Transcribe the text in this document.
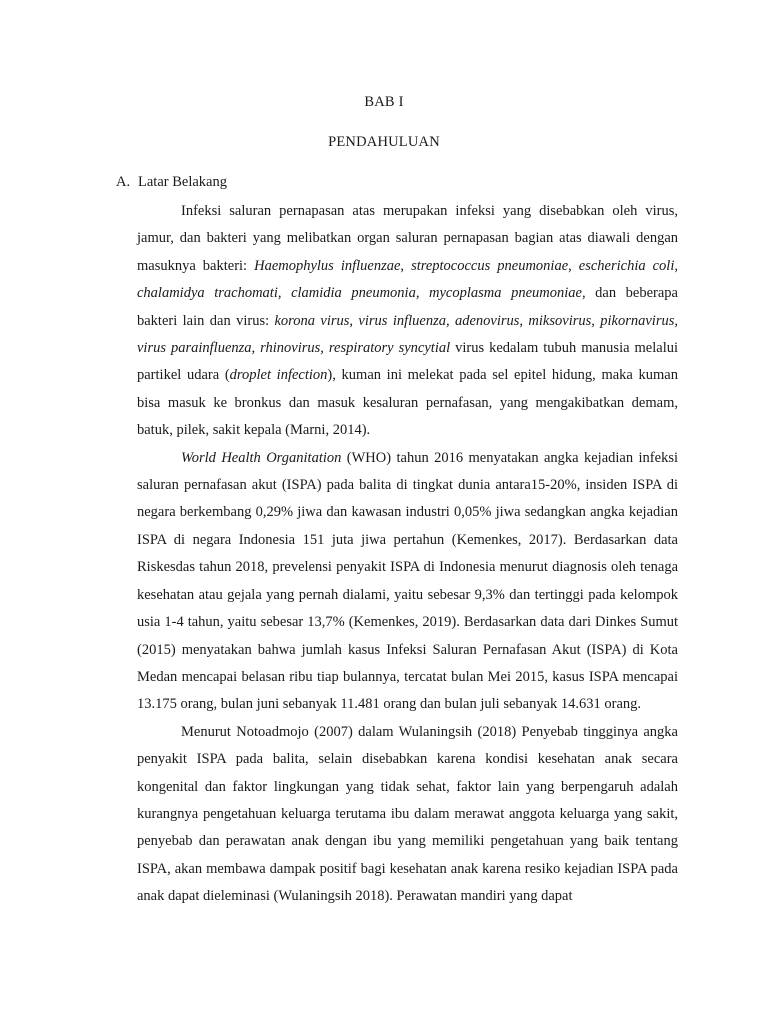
BAB I
PENDAHULUAN
A. Latar Belakang

Infeksi saluran pernapasan atas merupakan infeksi yang disebabkan oleh virus, jamur, dan bakteri yang melibatkan organ saluran pernapasan bagian atas diawali dengan masuknya bakteri: Haemophylus influenzae, streptococcus pneumoniae, escherichia coli, chalamidya trachomati, clamidia pneumonia, mycoplasma pneumoniae, dan beberapa bakteri lain dan virus: korona virus, virus influenza, adenovirus, miksovirus, pikornavirus, virus parainfluenza, rhinovirus, respiratory syncytial virus kedalam tubuh manusia melalui partikel udara (droplet infection), kuman ini melekat pada sel epitel hidung, maka kuman bisa masuk ke bronkus dan masuk kesaluran pernafasan, yang mengakibatkan demam, batuk, pilek, sakit kepala (Marni, 2014).

World Health Organitation (WHO) tahun 2016 menyatakan angka kejadian infeksi saluran pernafasan akut (ISPA) pada balita di tingkat dunia antara15-20%, insiden ISPA di negara berkembang 0,29% jiwa dan kawasan industri 0,05% jiwa sedangkan angka kejadian ISPA di negara Indonesia 151 juta jiwa pertahun (Kemenkes, 2017). Berdasarkan data Riskesdas tahun 2018, prevelensi penyakit ISPA di Indonesia menurut diagnosis oleh tenaga kesehatan atau gejala yang pernah dialami, yaitu sebesar 9,3% dan tertinggi pada kelompok usia 1-4 tahun, yaitu sebesar 13,7% (Kemenkes, 2019). Berdasarkan data dari Dinkes Sumut (2015) menyatakan bahwa jumlah kasus Infeksi Saluran Pernafasan Akut (ISPA) di Kota Medan mencapai belasan ribu tiap bulannya, tercatat bulan Mei 2015, kasus ISPA mencapai 13.175 orang, bulan juni sebanyak 11.481 orang dan bulan juli sebanyak 14.631 orang.

Menurut Notoadmojo (2007) dalam Wulaningsih (2018) Penyebab tingginya angka penyakit ISPA pada balita, selain disebabkan karena kondisi kesehatan anak secara kongenital dan faktor lingkungan yang tidak sehat, faktor lain yang berpengaruh adalah kurangnya pengetahuan keluarga terutama ibu dalam merawat anggota keluarga yang sakit, penyebab dan perawatan anak dengan ibu yang memiliki pengetahuan yang baik tentang ISPA, akan membawa dampak positif bagi kesehatan anak karena resiko kejadian ISPA pada anak dapat dieleminasi (Wulaningsih 2018). Perawatan mandiri yang dapat
